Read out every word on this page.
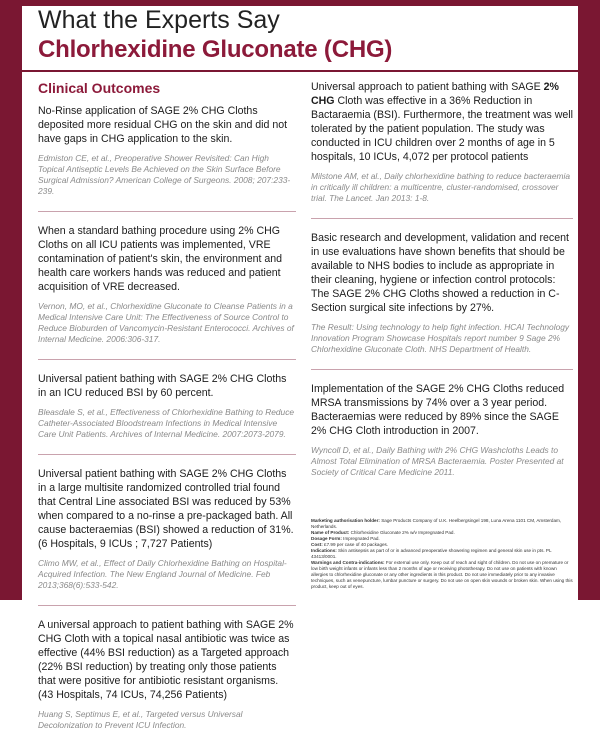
What the Experts Say
Chlorhexidine Gluconate (CHG)
Clinical Outcomes

No-Rinse application of SAGE 2% CHG Cloths deposited more residual CHG on the skin and did not have gaps in CHG application to the skin.

Edmiston CE, et al., Preoperative Shower Revisited: Can High Topical Antiseptic Levels Be Achieved on the Skin Surface Before Surgical Admission? American College of Surgeons. 2008; 207:233-239.

When a standard bathing procedure using 2% CHG Cloths on all ICU patients was implemented, VRE contamination of patient's skin, the environment and health care workers hands was reduced and patient acquisition of VRE decreased.

Vernon, MO, et al., Chlorhexidine Gluconate to Cleanse Patients in a Medical Intensive Care Unit: The Effectiveness of Source Control to Reduce Bioburden of Vancomycin-Resistant Enterococci. Archives of Internal Medicine. 2006:306-317.

Universal patient bathing with SAGE 2% CHG Cloths in an ICU reduced BSI by 60 percent.

Bleasdale S, et al., Effectiveness of Chlorhexidine Bathing to Reduce Catheter-Associated Bloodstream Infections in Medical Intensive Care Unit Patients. Archives of Internal Medicine. 2007:2073-2079.

Universal patient bathing with SAGE 2% CHG Cloths in a large multisite randomized controlled trial found that Central Line associated BSI was reduced by 53% when compared to a no-rinse a pre-packaged bath. All cause bacteraemias (BSI) showed a reduction of 31%. (6 Hospitals, 9 ICUs ; 7,727 Patients)

Climo MW, et al., Effect of Daily Chlorhexidine Bathing on Hospital-Acquired Infection. The New England Journal of Medicine. Feb 2013;368(6):533-542.

A universal approach to patient bathing with SAGE 2% CHG Cloth with a topical nasal antibiotic was twice as effective (44% BSI reduction) as a Targeted approach (22% BSI reduction) by treating only those patients that were positive for antibiotic resistant organisms. (43 Hospitals, 74 ICUs, 74,256 Patients)

Huang S, Septimus E, et al., Targeted versus Universal Decolonization to Prevent ICU Infection.

Universal approach to patient bathing with SAGE 2% CHG Cloth was effective in a 36% Reduction in Bactaraemia (BSI). Furthermore, the treatment was well tolerated by the patient population. The study was conducted in ICU children over 2 months of age in 5 hospitals, 10 ICUs, 4,072 per protocol patients

Milstone AM, et al., Daily chlorhexidine bathing to reduce bacteraemia in critically ill children: a multicentre, cluster-randomised, crossover trial. The Lancet. Jan 2013: 1-8.

Basic research and development, validation and recent in use evaluations have shown benefits that should be available to NHS bodies to include as appropriate in their cleaning, hygiene or infection control protocols: The SAGE 2% CHG Cloths showed a reduction in C-Section surgical site infections by 27%.

The Result: Using technology to help fight infection. HCAI Technology Innovation Program Showcase Hospitals report number 9 Sage 2% Chlorhexidine Gluconate Cloth. NHS Department of Health.

Implementation of the SAGE 2% CHG Cloths reduced MRSA transmissions by 74% over a 3 year period. Bacteraemias were reduced by 89% since the SAGE 2% CHG Cloth introduction in 2007.

Wyncoll D, et al., Daily Bathing with 2% CHG Washcloths Leads to Almost Total Elimination of MRSA Bacteraemia. Poster Presented at Society of Critical Care Medicine 2011.

Marketing authorisation holder: Sage Products Company of U.K. Heelbergsingel 198, Luna Arena 1101 CM, Amsterdam, Netherlands.

Name of Product: Chlorhexidine Gluconate 2% w/v Impregnated Pad.

Dosage Form: Impregnated Pad.

Cost: £7.99 per case of 40 packages.

Indications: Skin antisepsis as part of or in advanced preoperative showering regimen and general skin use in pts. PL 43413/0001.

Warnings and Contra-indications: For external use only. Keep out of reach and sight of children. Do not use on premature or low birth weight infants or infants less than 2 months of age or receiving phototherapy. Do not use on patients with known allergies to chlorhexidine gluconate or any other ingredients in this product. Do not use immediately prior to any invasive techniques, such as venepuncture, lumbar puncture or surgery. Do not use on open skin wounds or broken skin. When using this product, keep out of eyes.
